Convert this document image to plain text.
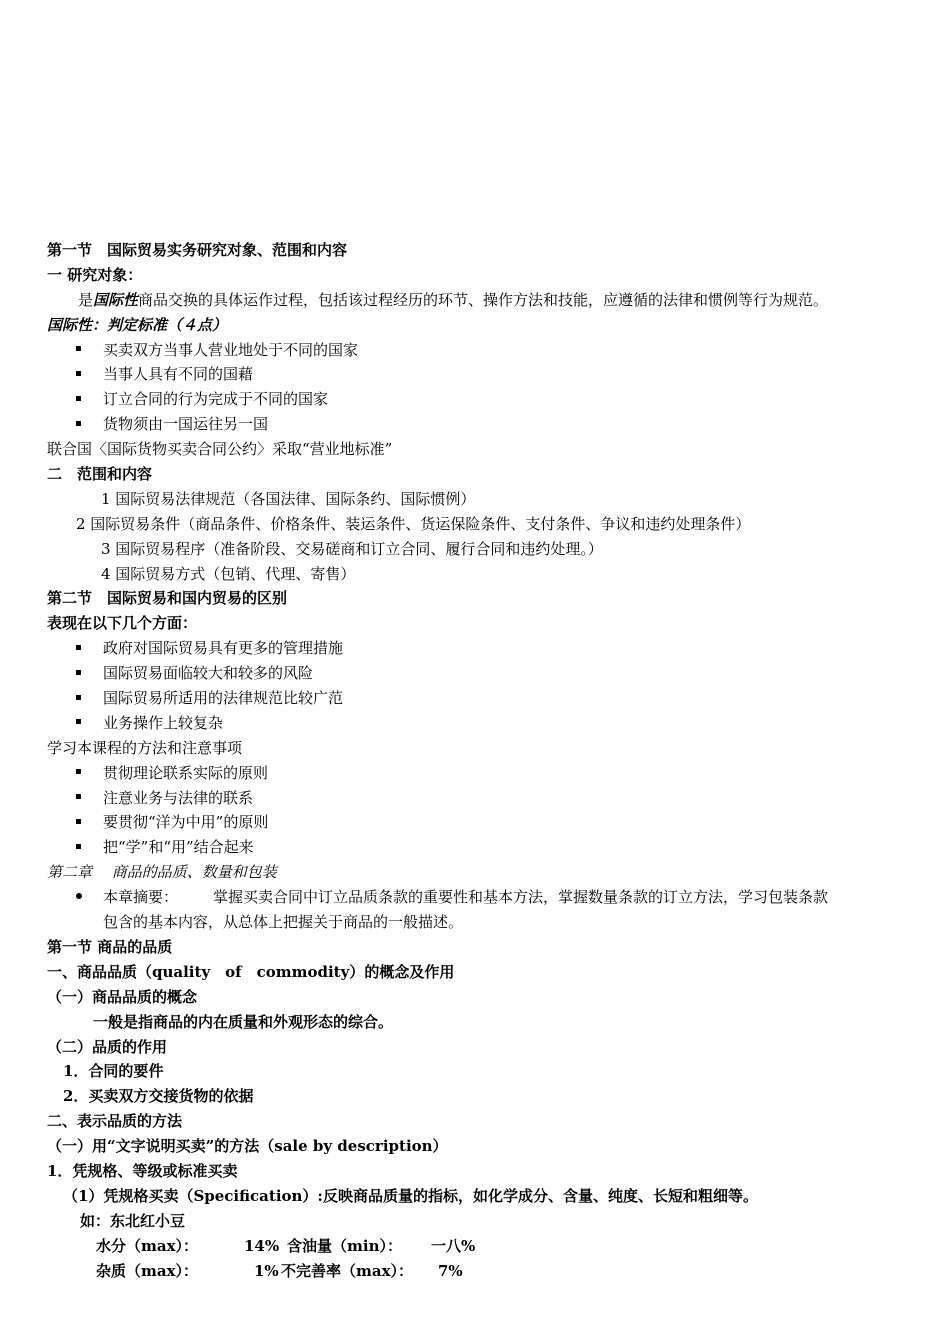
第一节　国际贸易实务研究对象、范围和内容
一 研究对象：
是国际性商品交换的具体运作过程，包括该过程经历的环节、操作方法和技能，应遵循的法律和惯例等行为规范。
国际性：判定标准（４点）
买卖双方当事人营业地处于不同的国家
当事人具有不同的国藉
订立合同的行为完成于不同的国家
货物须由一国运往另一国
联合国〈国际货物买卖合同公约〉采取“营业地标准”
二　范围和内容
1 国际贸易法律规范（各国法律、国际条约、国际惯例）
2 国际贸易条件（商品条件、价格条件、装运条件、货运保险条件、支付条件、争议和违约处理条件）
3 国际贸易程序（准备阶段、交易磋商和订立合同、履行合同和违约处理。）
4 国际贸易方式（包销、代理、寄售）
第二节　国际贸易和国内贸易的区别
表现在以下几个方面：
政府对国际贸易具有更多的管理措施
国际贸易面临较大和较多的风险
国际贸易所适用的法律规范比较广范
业务操作上较复杂
学习本课程的方法和注意事项
贯彻理论联系实际的原则
注意业务与法律的联系
要贯彻“洋为中用”的原则
把“学”和“用”结合起来
第二章　 商品的品质、数量和包装
本章摘要： 掌握买卖合同中订立品质条款的重要性和基本方法，掌握数量条款的订立方法，学习包装条款
包含的基本内容，从总体上把握关于商品的一般描述。
第一节 商品的品质
一、商品品质（quality　of　commodity）的概念及作用
（一）商品品质的概念
一般是指商品的内在质量和外观形态的综合。
（二）品质的作用
1．合同的要件
2．买卖双方交接货物的依据
二、表示品质的方法
（一）用“文字说明买卖”的方法（sale by description）
1．凭规格、等级或标准买卖
（1）凭规格买卖（Specification）:反映商品质量的指标，如化学成分、含量、纯度、长短和粗细等。
如：东北红小豆
水分（max）：	14% 含油量（min）： 一八%
杂质（max）：	1% 不完善率（max）： 7%
